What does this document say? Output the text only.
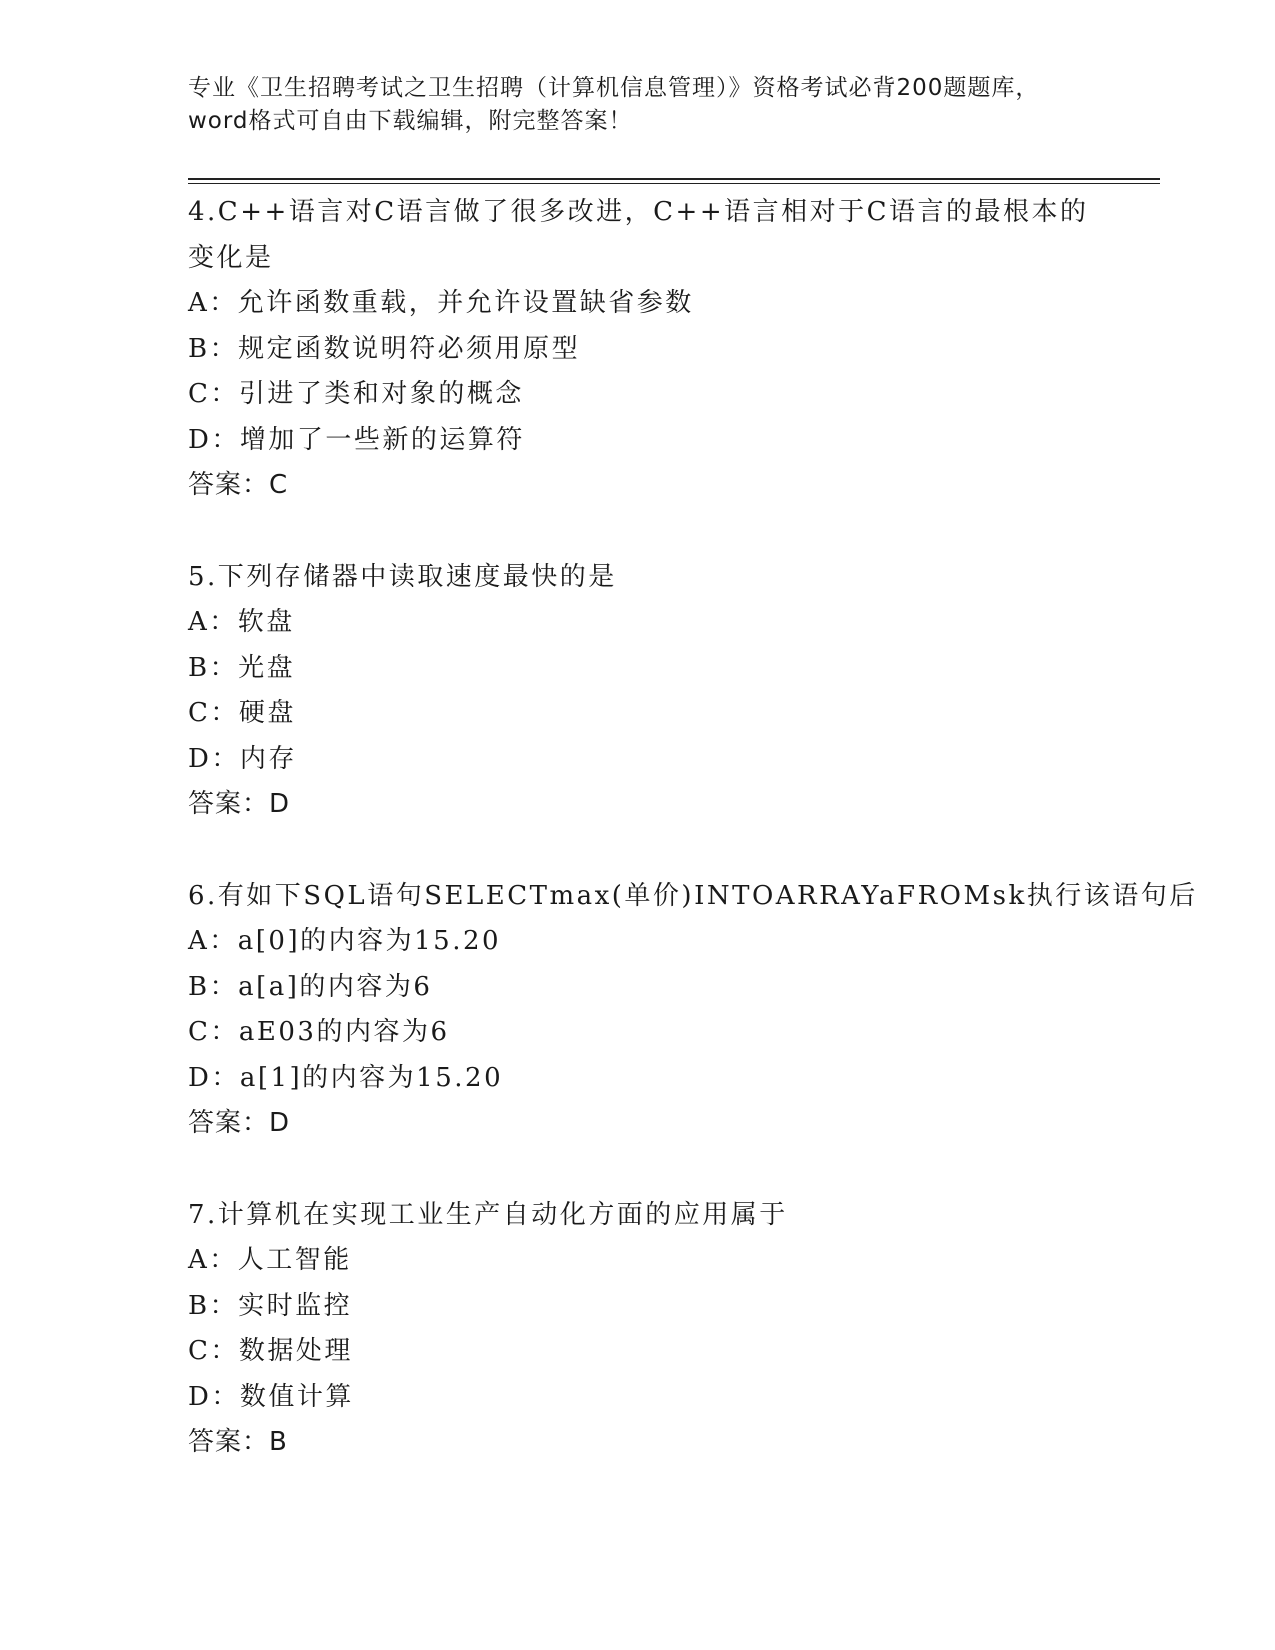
专业《卫生招聘考试之卫生招聘（计算机信息管理）》资格考试必背200题题库，
word格式可自由下载编辑，附完整答案！
4.C++语言对C语言做了很多改进，C++语言相对于C语言的最根本的
变化是
A：允许函数重载，并允许设置缺省参数
B：规定函数说明符必须用原型
C：引进了类和对象的概念
D：增加了一些新的运算符
答案：C
5.下列存储器中读取速度最快的是
A：软盘
B：光盘
C：硬盘
D：内存
答案：D
6.有如下SQL语句SELECTmax(单价)INTOARRAYaFROMsk执行该语句后
A：a[0]的内容为15.20
B：a[a]的内容为6
C：aE03的内容为6
D：a[1]的内容为15.20
答案：D
7.计算机在实现工业生产自动化方面的应用属于
A：人工智能
B：实时监控
C：数据处理
D：数值计算
答案：B
